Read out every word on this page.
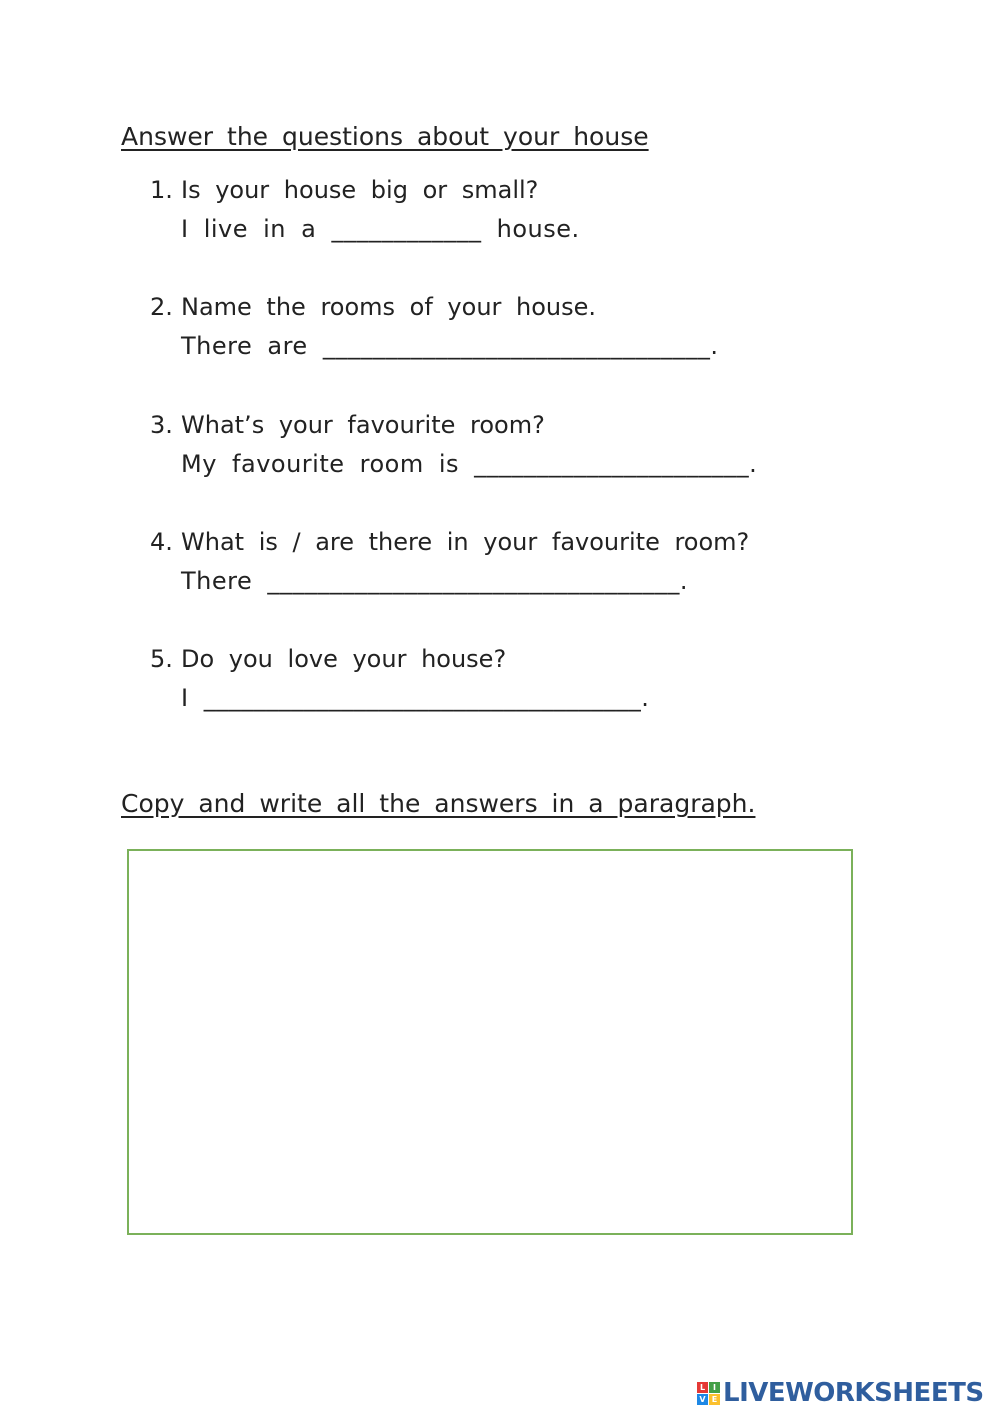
Answer the questions about your house
1. Is your house big or small?
I live in a ____________ house.
2. Name the rooms of your house.
There are _______________________________.
3. What’s your favourite room?
My favourite room is ______________________.
4. What is / are there in your favourite room?
There _________________________________.
5. Do you love your house?
I ___________________________________.
Copy and write all the answers in a paragraph.
L I
V E LIVEWORKSHEETS
